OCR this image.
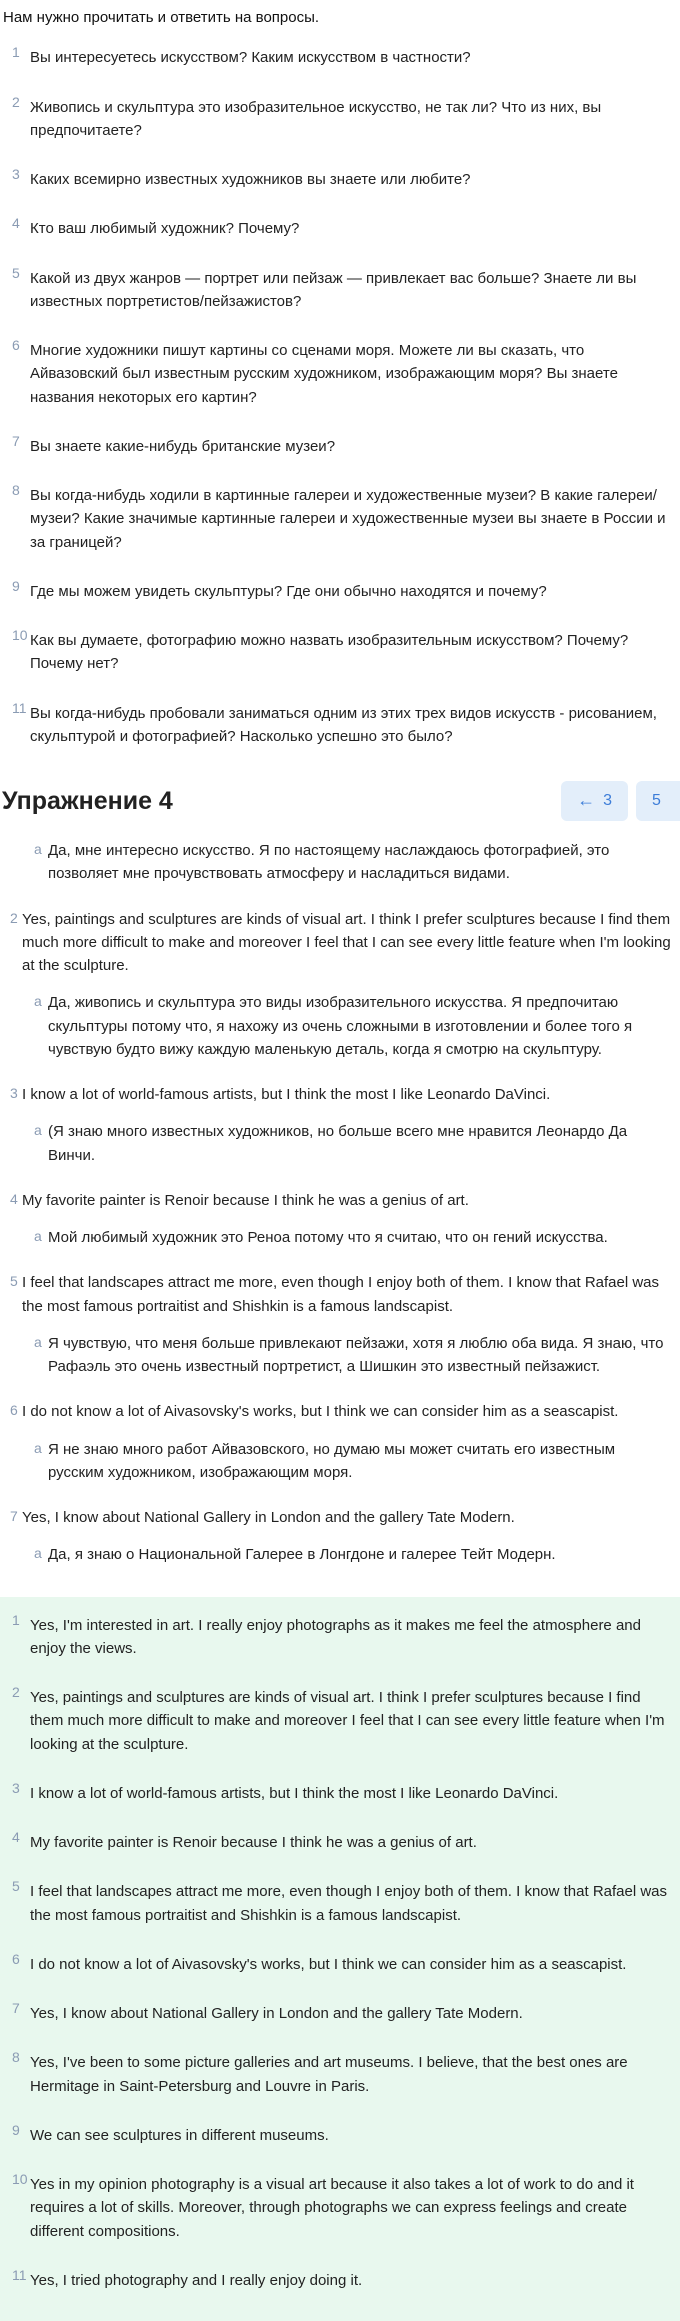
Нам нужно прочитать и ответить на вопросы.
1 Вы интересуетесь искусством? Каким искусством в частности?
2 Живопись и скульптура это изобразительное искусство, не так ли? Что из них, вы предпочитаете?
3 Каких всемирно известных художников вы знаете или любите?
4 Кто ваш любимый художник? Почему?
5 Какой из двух жанров — портрет или пейзаж — привлекает вас больше? Знаете ли вы известных портретистов/пейзажистов?
6 Многие художники пишут картины со сценами моря. Можете ли вы сказать, что Айвазовский был известным русским художником, изображающим моря? Вы знаете названия некоторых его картин?
7 Вы знаете какие-нибудь британские музеи?
8 Вы когда-нибудь ходили в картинные галереи и художественные музеи? В какие галереи/музеи? Какие значимые картинные галереи и художественные музеи вы знаете в России и за границей?
9 Где мы можем увидеть скульптуры? Где они обычно находятся и почему?
10 Как вы думаете, фотографию можно назвать изобразительным искусством? Почему? Почему нет?
11 Вы когда-нибудь пробовали заниматься одним из этих трех видов искусств - рисованием, скульптурой и фотографией? Насколько успешно это было?
Упражнение 4	← 3	5
a Да, мне интересно искусство. Я по настоящему наслаждаюсь фотографией, это позволяет мне прочувствовать атмосферу и насладиться видами.
2 Yes, paintings and sculptures are kinds of visual art. I think I prefer sculptures because I find them much more difficult to make and moreover I feel that I can see every little feature when I'm looking at the sculpture.
a Да, живопись и скульптура это виды изобразительного искусства. Я предпочитаю скульптуры потому что, я нахожу из очень сложными в изготовлении и более того я чувствую будто вижу каждую маленькую деталь, когда я смотрю на скульптуру.
3 I know a lot of world-famous artists, but I think the most I like Leonardo DaVinci.
a (Я знаю много известных художников, но больше всего мне нравится Леонардо Да Винчи.
4 My favorite painter is Renoir because I think he was a genius of art.
a Мой любимый художник это Реноа потому что я считаю, что он гений искусства.
5 I feel that landscapes attract me more, even though I enjoy both of them. I know that Rafael was the most famous portraitist and Shishkin is a famous landscapist.
a Я чувствую, что меня больше привлекают пейзажи, хотя я люблю оба вида. Я знаю, что Рафаэль это очень известный портретист, а Шишкин это известный пейзажист.
6 I do not know a lot of Aivasovsky's works, but I think we can consider him as a seascapist.
a Я не знаю много работ Айвазовского, но думаю мы может считать его известным русским художником, изображающим моря.
7 Yes, I know about National Gallery in London and the gallery Tate Modern.
a Да, я знаю о Национальной Галерее в Лонгдоне и галерее Тейт Модерн.
1 Yes, I'm interested in art. I really enjoy photographs as it makes me feel the atmosphere and enjoy the views.
2 Yes, paintings and sculptures are kinds of visual art. I think I prefer sculptures because I find them much more difficult to make and moreover I feel that I can see every little feature when I'm looking at the sculpture.
3 I know a lot of world-famous artists, but I think the most I like Leonardo DaVinci.
4 My favorite painter is Renoir because I think he was a genius of art.
5 I feel that landscapes attract me more, even though I enjoy both of them. I know that Rafael was the most famous portraitist and Shishkin is a famous landscapist.
6 I do not know a lot of Aivasovsky's works, but I think we can consider him as a seascapist.
7 Yes, I know about National Gallery in London and the gallery Tate Modern.
8 Yes, I've been to some picture galleries and art museums. I believe, that the best ones are Hermitage in Saint-Petersburg and Louvre in Paris.
9 We can see sculptures in different museums.
10 Yes in my opinion photography is a visual art because it also takes a lot of work to do and it requires a lot of skills. Moreover, through photographs we can express feelings and create different compositions.
11 Yes, I tried photography and I really enjoy doing it.
